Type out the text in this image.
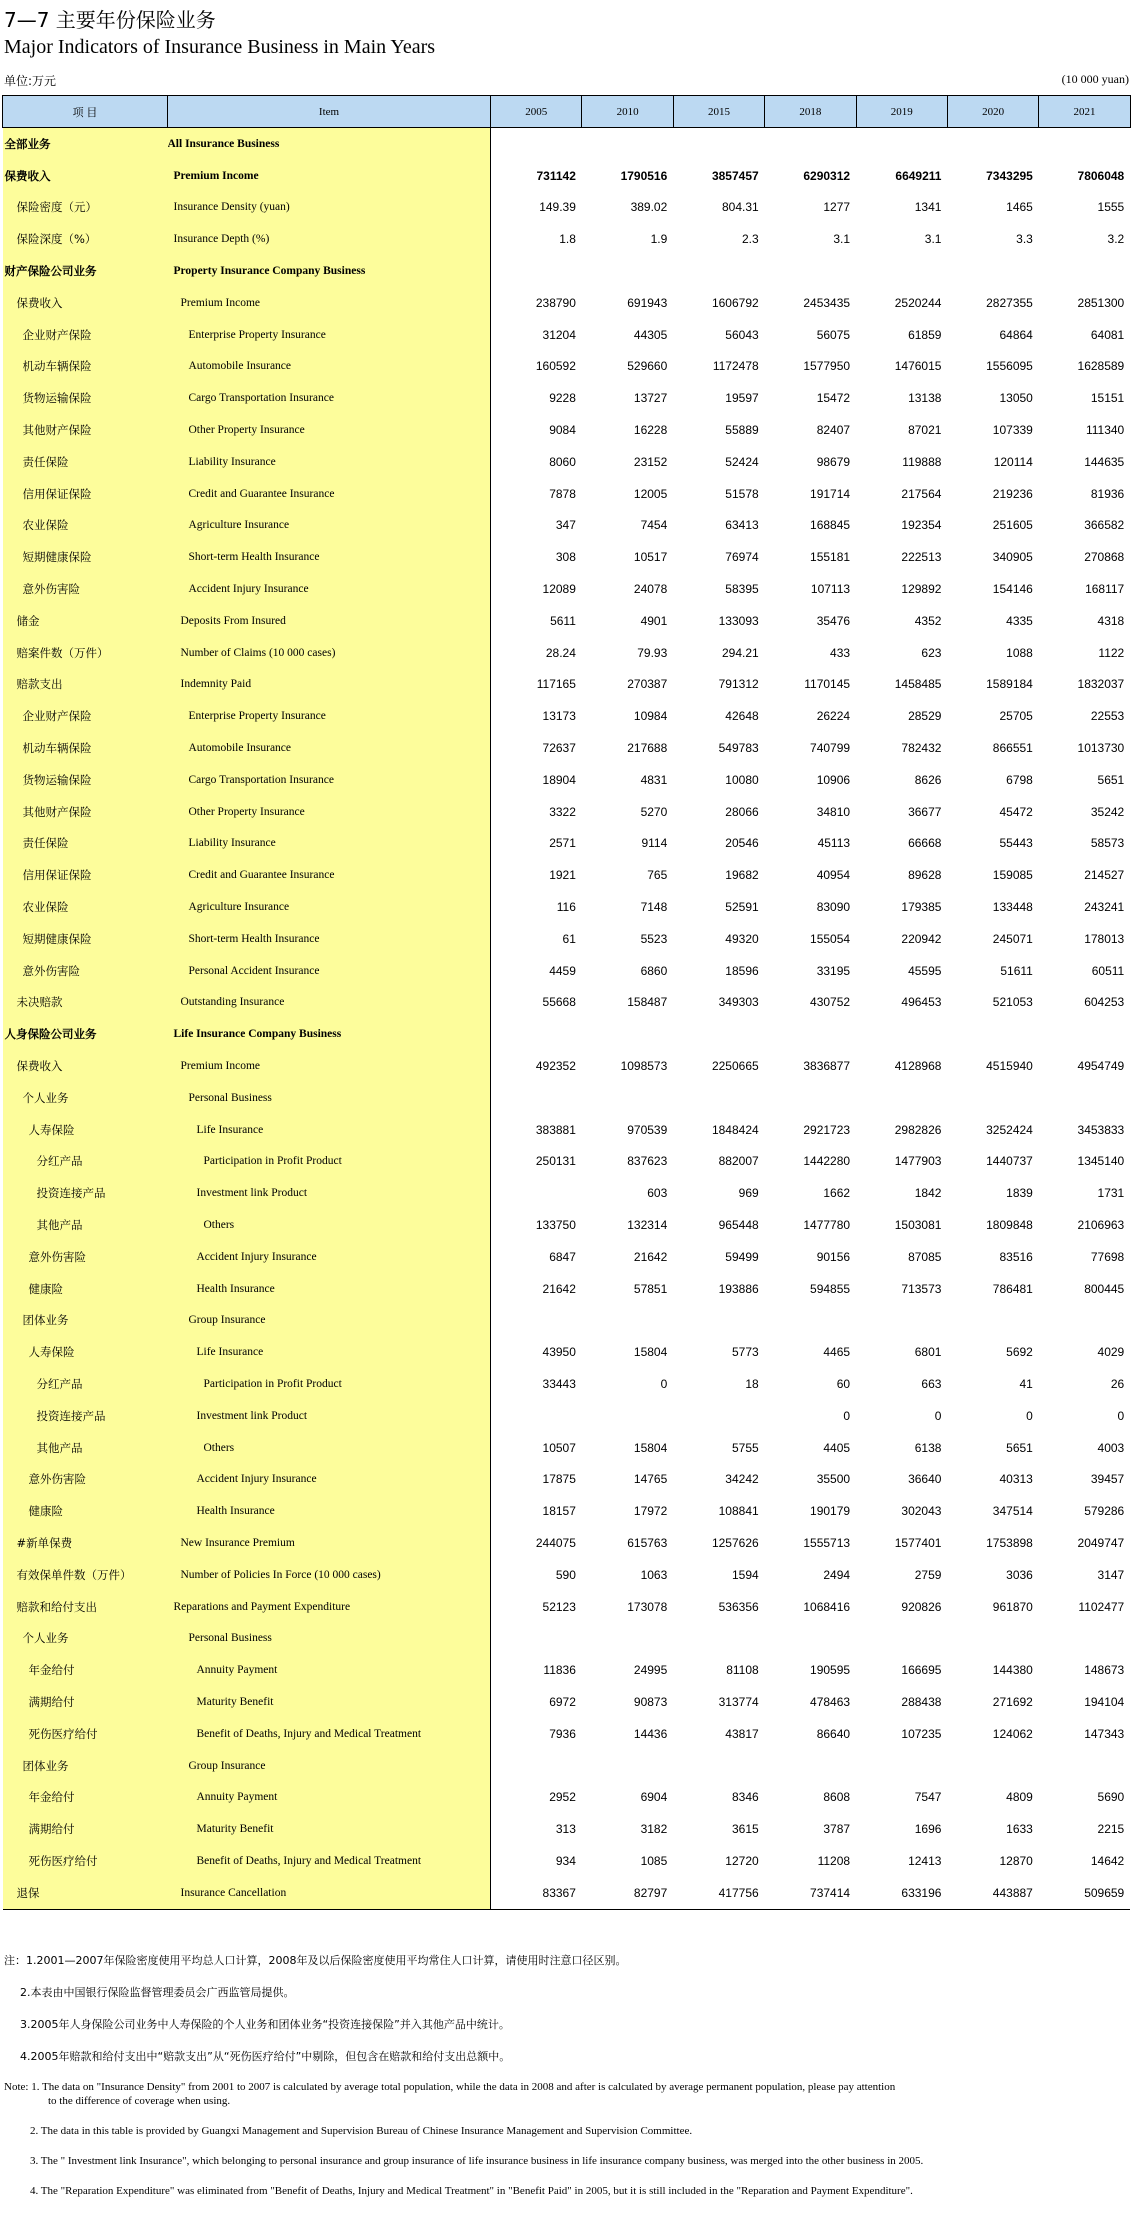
7—7 主要年份保险业务
Major Indicators of Insurance Business in Main Years
单位:万元	(10 000 yuan)
项 目	Item	2005	2010	2015	2018	2019	2020	2021
全部业务	All Insurance Business							
保费收入	Premium Income	731142	1790516	3857457	6290312	6649211	7343295	7806048
保险密度（元）	Insurance Density (yuan)	149.39	389.02	804.31	1277	1341	1465	1555
保险深度（%）	Insurance Depth (%)	1.8	1.9	2.3	3.1	3.1	3.3	3.2
财产保险公司业务	Property Insurance Company Business							
保费收入	Premium Income	238790	691943	1606792	2453435	2520244	2827355	2851300
企业财产保险	Enterprise Property Insurance	31204	44305	56043	56075	61859	64864	64081
机动车辆保险	Automobile Insurance	160592	529660	1172478	1577950	1476015	1556095	1628589
货物运输保险	Cargo Transportation Insurance	9228	13727	19597	15472	13138	13050	15151
其他财产保险	Other Property Insurance	9084	16228	55889	82407	87021	107339	111340
责任保险	Liability Insurance	8060	23152	52424	98679	119888	120114	144635
信用保证保险	Credit and Guarantee Insurance	7878	12005	51578	191714	217564	219236	81936
农业保险	Agriculture Insurance	347	7454	63413	168845	192354	251605	366582
短期健康保险	Short-term Health Insurance	308	10517	76974	155181	222513	340905	270868
意外伤害险	Accident Injury Insurance	12089	24078	58395	107113	129892	154146	168117
储金	Deposits From Insured	5611	4901	133093	35476	4352	4335	4318
赔案件数（万件）	Number of Claims (10 000 cases)	28.24	79.93	294.21	433	623	1088	1122
赔款支出	Indemnity Paid	117165	270387	791312	1170145	1458485	1589184	1832037
企业财产保险	Enterprise Property Insurance	13173	10984	42648	26224	28529	25705	22553
机动车辆保险	Automobile Insurance	72637	217688	549783	740799	782432	866551	1013730
货物运输保险	Cargo Transportation Insurance	18904	4831	10080	10906	8626	6798	5651
其他财产保险	Other Property Insurance	3322	5270	28066	34810	36677	45472	35242
责任保险	Liability Insurance	2571	9114	20546	45113	66668	55443	58573
信用保证保险	Credit and Guarantee Insurance	1921	765	19682	40954	89628	159085	214527
农业保险	Agriculture Insurance	116	7148	52591	83090	179385	133448	243241
短期健康保险	Short-term Health Insurance	61	5523	49320	155054	220942	245071	178013
意外伤害险	Personal Accident Insurance	4459	6860	18596	33195	45595	51611	60511
未决赔款	Outstanding Insurance	55668	158487	349303	430752	496453	521053	604253
人身保险公司业务	Life Insurance Company Business							
保费收入	Premium Income	492352	1098573	2250665	3836877	4128968	4515940	4954749
个人业务	Personal Business							
人寿保险	Life Insurance	383881	970539	1848424	2921723	2982826	3252424	3453833
分红产品	Participation in Profit Product	250131	837623	882007	1442280	1477903	1440737	1345140
投资连接产品	Investment link Product		603	969	1662	1842	1839	1731
其他产品	Others	133750	132314	965448	1477780	1503081	1809848	2106963
意外伤害险	Accident Injury Insurance	6847	21642	59499	90156	87085	83516	77698
健康险	Health Insurance	21642	57851	193886	594855	713573	786481	800445
团体业务	Group Insurance							
人寿保险	Life Insurance	43950	15804	5773	4465	6801	5692	4029
分红产品	Participation in Profit Product	33443	0	18	60	663	41	26
投资连接产品	Investment link Product				0	0	0	0
其他产品	Others	10507	15804	5755	4405	6138	5651	4003
意外伤害险	Accident Injury Insurance	17875	14765	34242	35500	36640	40313	39457
健康险	Health Insurance	18157	17972	108841	190179	302043	347514	579286
#新单保费	New Insurance Premium	244075	615763	1257626	1555713	1577401	1753898	2049747
有效保单件数（万件）	Number of Policies In Force (10 000 cases)	590	1063	1594	2494	2759	3036	3147
赔款和给付支出	Reparations and Payment Expenditure	52123	173078	536356	1068416	920826	961870	1102477
个人业务	Personal Business							
年金给付	Annuity Payment	11836	24995	81108	190595	166695	144380	148673
满期给付	Maturity Benefit	6972	90873	313774	478463	288438	271692	194104
死伤医疗给付	Benefit of Deaths, Injury and Medical Treatment	7936	14436	43817	86640	107235	124062	147343
团体业务	Group Insurance							
年金给付	Annuity Payment	2952	6904	8346	8608	7547	4809	5690
满期给付	Maturity Benefit	313	3182	3615	3787	1696	1633	2215
死伤医疗给付	Benefit of Deaths, Injury and Medical Treatment	934	1085	12720	11208	12413	12870	14642
退保	Insurance Cancellation	83367	82797	417756	737414	633196	443887	509659
注：1.2001—2007年保险密度使用平均总人口计算，2008年及以后保险密度使用平均常住人口计算，请使用时注意口径区别。
2.本表由中国银行保险监督管理委员会广西监管局提供。
3.2005年人身保险公司业务中人寿保险的个人业务和团体业务“投资连接保险”并入其他产品中统计。
4.2005年赔款和给付支出中“赔款支出”从“死伤医疗给付”中剔除，但包含在赔款和给付支出总额中。
Note: 1. The data on "Insurance Density" from 2001 to 2007 is calculated by average total population, while the data in 2008 and after is calculated by average permanent population, please pay attention
to the difference of coverage when using.
2. The data in this table is provided by Guangxi Management and Supervision Bureau of Chinese Insurance Management and Supervision Committee.
3. The " Investment link Insurance", which belonging to personal insurance and group insurance of life insurance business in life insurance company business, was merged into the other business in 2005.
4. The "Reparation Expenditure" was eliminated from "Benefit of Deaths, Injury and Medical Treatment" in "Benefit Paid" in 2005, but it is still included in the "Reparation and Payment Expenditure".
